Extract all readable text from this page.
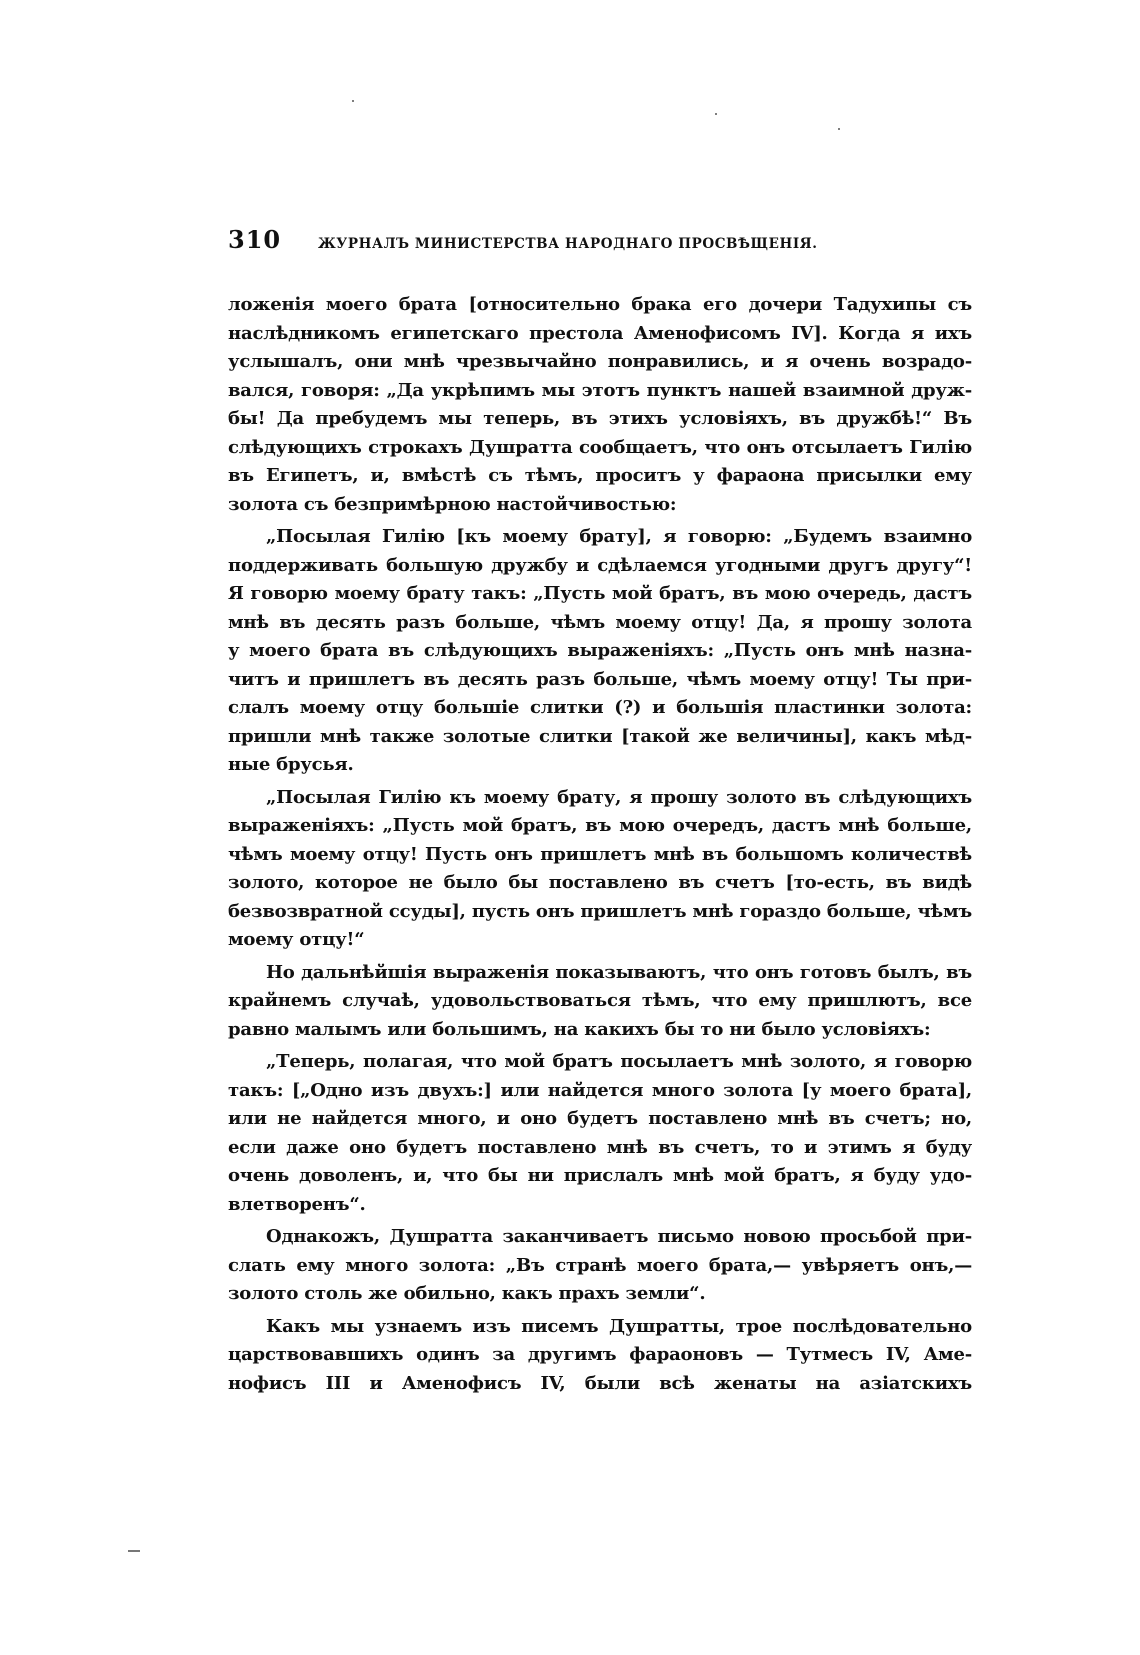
310	ЖУРНАЛЪ МИНИСТЕРСТВА НАРОДНАГО ПРОСВѢЩЕНІЯ.

ложенія моего брата [относительно брака его дочери Тадухипы съ
наслѣдникомъ египетскаго престола Аменофисомъ IV]. Когда я ихъ
услышалъ, они мнѣ чрезвычайно понравились, и я очень возрадо-
вался, говоря: „Да укрѣпимъ мы этотъ пунктъ нашей взаимной друж-
бы! Да пребудемъ мы теперь, въ этихъ условіяхъ, въ дружбѣ!“ Въ
слѣдующихъ строкахъ Душратта сообщаетъ, что онъ отсылаетъ Гилію
въ Египетъ, и, вмѣстѣ съ тѣмъ, проситъ у фараона присылки ему
золота съ безпримѣрною настойчивостью:

„Посылая Гилію [къ моему брату], я говорю: „Будемъ взаимно
поддерживать большую дружбу и сдѣлаемся угодными другъ другу“!
Я говорю моему брату такъ: „Пусть мой братъ, въ мою очередь, дастъ
мнѣ въ десять разъ больше, чѣмъ моему отцу! Да, я прошу золота
у моего брата въ слѣдующихъ выраженіяхъ: „Пусть онъ мнѣ назна-
читъ и пришлетъ въ десять разъ больше, чѣмъ моему отцу! Ты при-
слалъ моему отцу большіе слитки (?) и большія пластинки золота:
пришли мнѣ также золотые слитки [такой же величины], какъ мѣд-
ные брусья.

„Посылая Гилію къ моему брату, я прошу золото въ слѣдующихъ
выраженіяхъ: „Пусть мой братъ, въ мою очередъ, дастъ мнѣ больше,
чѣмъ моему отцу! Пусть онъ пришлетъ мнѣ въ большомъ количествѣ
золото, которое не было бы поставлено въ счетъ [то-есть, въ видѣ
безвозвратной ссуды], пусть онъ пришлетъ мнѣ гораздо больше, чѣмъ
моему отцу!“

Но дальнѣйшія выраженія показываютъ, что онъ готовъ былъ, въ
крайнемъ случаѣ, удовольствоваться тѣмъ, что ему пришлютъ, все
равно малымъ или большимъ, на какихъ бы то ни было условіяхъ:

„Теперь, полагая, что мой братъ посылаетъ мнѣ золото, я говорю
такъ: [„Одно изъ двухъ:] или найдется много золота [у моего брата],
или не найдется много, и оно будетъ поставлено мнѣ въ счетъ; но,
если даже оно будетъ поставлено мнѣ въ счетъ, то и этимъ я буду
очень доволенъ, и, что бы ни прислалъ мнѣ мой братъ, я буду удо-
влетворенъ“.

Однакожъ, Душратта заканчиваетъ письмо новою просьбой при-
слать ему много золота: „Въ странѣ моего брата,— увѣряетъ онъ,—
золото столь же обильно, какъ прахъ земли“.

Какъ мы узнаемъ изъ писемъ Душратты, трое послѣдовательно
царствовавшихъ одинъ за другимъ фараоновъ — Тутмесъ IV, Аме-
нофисъ III и Аменофисъ IV, были всѣ женаты на азіатскихъ
